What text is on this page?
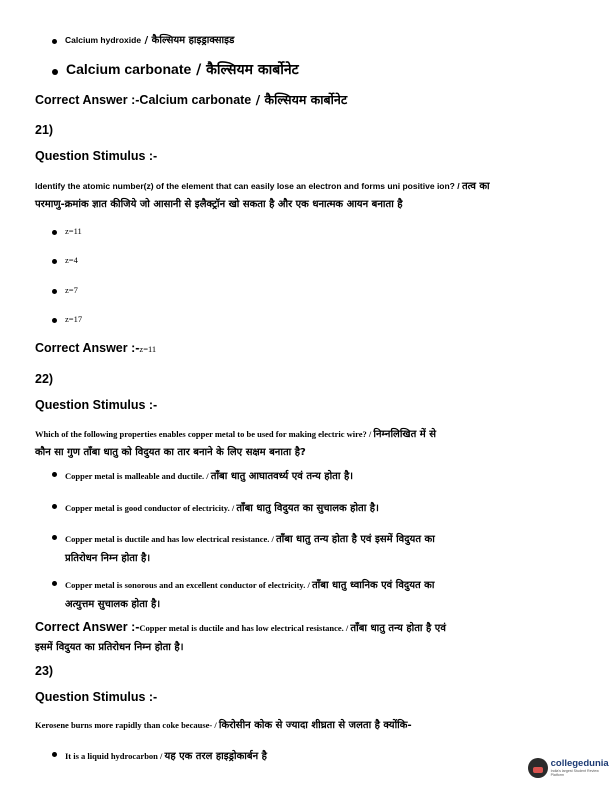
Calcium hydroxide / कैल्सियम हाइड्राक्साइड
Calcium carbonate / कैल्सियम कार्बोनेट
Correct Answer :-Calcium carbonate / कैल्सियम कार्बोनेट
21)
Question Stimulus :-
Identify the atomic number(z) of the element that can easily lose an electron and forms uni positive ion? / तत्व का
परमाणु-क्रमांक ज्ञात कीजिये जो आसानी से इलैक्ट्रॉन खो सकता है और एक धनात्मक आयन बनाता है
z=11
z=4
z=7
z=17
Correct Answer :-z=11
22)
Question Stimulus :-
Which of the following properties enables copper metal to be used for making electric wire? / निम्नलिखित में से
कौन सा गुण ताँबा धातु को विदुयत का तार बनाने के लिए सक्षम बनाता है?
Copper metal is malleable and ductile. / ताँबा धातु आघातवर्ध्य एवं तन्य होता है।
Copper metal is good conductor of electricity. / ताँबा धातु विदुयत का सुचालक होता है।
Copper metal is ductile and has low electrical resistance. / ताँबा धातु तन्य होता है एवं इसमें विदुयत का
प्रतिरोधन निम्न होता है।
Copper metal is sonorous and an excellent conductor of electricity. / ताँबा धातु ध्वानिक एवं विदुयत का
अत्युत्तम सुचालक होता है।
Correct Answer :-Copper metal is ductile and has low electrical resistance. / ताँबा धातु तन्य होता है एवं
इसमें विदुयत का प्रतिरोधन निम्न होता है।
23)
Question Stimulus :-
Kerosene burns more rapidly than coke because- / किरोसीन कोक से ज्यादा शीघ्रता से जलता है क्योंकि-
It is a liquid hydrocarbon / यह एक तरल हाइड्रोकार्बन है
collegedunia
India's largest Student Review Platform
